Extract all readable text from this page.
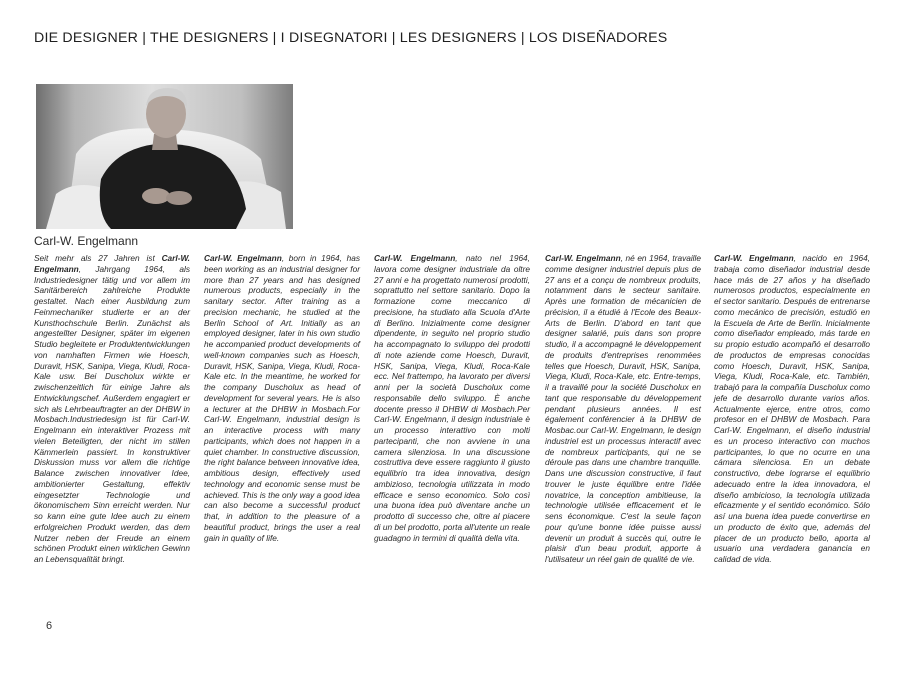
DIE DESIGNER | THE DESIGNERS | I DISEGNATORI | LES DESIGNERS | LOS DISEÑADORES
Carl-W. Engelmann
Seit mehr als 27 Jahren ist Carl-W. Engelmann, Jahrgang 1964, als Industriedesigner tätig und vor allem im Sanitärbereich zahlreiche Produkte gestaltet. Nach einer Ausbildung zum Feinmechaniker studierte er an der Kunsthochschule Berlin. Zunächst als angestellter Designer, später im eigenen Studio begleitete er Produktentwicklungen von namhaften Firmen wie Hoesch, Duravit, HSK, Sanipa, Viega, Kludi, Roca-Kale usw. Bei Duscholux wirkte er zwischenzeitlich für einige Jahre als Entwicklungschef. Außerdem engagiert er sich als Lehrbeauftragter an der DHBW in Mosbach.Industriedesign ist für Carl-W. Engelmann ein interaktiver Prozess mit vielen Beteiligten, der nicht im stillen Kämmerlein passiert. In konstruktiver Diskussion muss vor allem die richtige Balance zwischen innovativer Idee, ambitionierter Gestaltung, effektiv eingesetzter Technologie und ökonomischem Sinn erreicht werden. Nur so kann eine gute Idee auch zu einem erfolgreichen Produkt werden, das dem Nutzer neben der Freude an einem schönen Produkt einen wirklichen Gewinn an Lebensqualität bringt.
Carl-W. Engelmann, born in 1964, has been working as an industrial designer for more than 27 years and has designed numerous products, especially in the sanitary sector. After training as a precision mechanic, he studied at the Berlin School of Art. Initially as an employed designer, later in his own studio he accompanied product developments of well-known companies such as Hoesch, Duravit, HSK, Sanipa, Viega, Kludi, Roca-Kale etc. In the meantime, he worked for the company Duscholux as head of development for several years. He is also a lecturer at the DHBW in Mosbach.For Carl-W. Engelmann, industrial design is an interactive process with many participants, which does not happen in a quiet chamber. In constructive discussion, the right balance between innovative idea, ambitious design, effectively used technology and economic sense must be achieved. This is the only way a good idea can also become a successful product that, in addition to the pleasure of a beautiful product, brings the user a real gain in quality of life.
Carl-W. Engelmann, nato nel 1964, lavora come designer industriale da oltre 27 anni e ha progettato numerosi prodotti, soprattutto nel settore sanitario. Dopo la formazione come meccanico di precisione, ha studiato alla Scuola d'Arte di Berlino. Inizialmente come designer dipendente, in seguito nel proprio studio ha accompagnato lo sviluppo dei prodotti di note aziende come Hoesch, Duravit, HSK, Sanipa, Viega, Kludi, Roca-Kale ecc. Nel frattempo, ha lavorato per diversi anni per la società Duscholux come responsabile dello sviluppo. È anche docente presso il DHBW di Mosbach.Per Carl-W. Engelmann, il design industriale è un processo interattivo con molti partecipanti, che non avviene in una camera silenziosa. In una discussione costruttiva deve essere raggiunto il giusto equilibrio tra idea innovativa, design ambizioso, tecnologia utilizzata in modo efficace e senso economico. Solo così una buona idea può diventare anche un prodotto di successo che, oltre al piacere di un bel prodotto, porta all'utente un reale guadagno in termini di qualità della vita.
Carl-W. Engelmann, né en 1964, travaille comme designer industriel depuis plus de 27 ans et a conçu de nombreux produits, notamment dans le secteur sanitaire. Après une formation de mécanicien de précision, il a étudié à l'Ecole des Beaux-Arts de Berlin. D'abord en tant que designer salarié, puis dans son propre studio, il a accompagné le développement de produits d'entreprises renommées telles que Hoesch, Duravit, HSK, Sanipa, Viega, Kludi, Roca-Kale, etc. Entre-temps, il a travaillé pour la société Duscholux en tant que responsable du développement pendant plusieurs années. Il est également conférencier à la DHBW de Mosbac.our Carl-W. Engelmann, le design industriel est un processus interactif avec de nombreux participants, qui ne se déroule pas dans une chambre tranquille. Dans une discussion constructive, il faut trouver le juste équilibre entre l'idée novatrice, la conception ambitieuse, la technologie utilisée efficacement et le sens économique. C'est la seule façon pour qu'une bonne idée puisse aussi devenir un produit à succès qui, outre le plaisir d'un beau produit, apporte à l'utilisateur un réel gain de qualité de vie.
Carl-W. Engelmann, nacido en 1964, trabaja como diseñador industrial desde hace más de 27 años y ha diseñado numerosos productos, especialmente en el sector sanitario. Después de entrenarse como mecánico de precisión, estudió en la Escuela de Arte de Berlín. Inicialmente como diseñador empleado, más tarde en su propio estudio acompañó el desarrollo de productos de empresas conocidas como Hoesch, Duravit, HSK, Sanipa, Viega, Kludi, Roca-Kale, etc. También, trabajó para la compañía Duscholux como jefe de desarrollo durante varios años. Actualmente ejerce, entre otros, como profesor en el DHBW de Mosbach. Para Carl-W. Engelmann, el diseño industrial es un proceso interactivo con muchos participantes, lo que no ocurre en una cámara silenciosa. En un debate constructivo, debe lograrse el equilibrio adecuado entre la idea innovadora, el diseño ambicioso, la tecnología utilizada eficazmente y el sentido económico. Sólo así una buena idea puede convertirse en un producto de éxito que, además del placer de un producto bello, aporta al usuario una verdadera ganancia en calidad de vida.
6
